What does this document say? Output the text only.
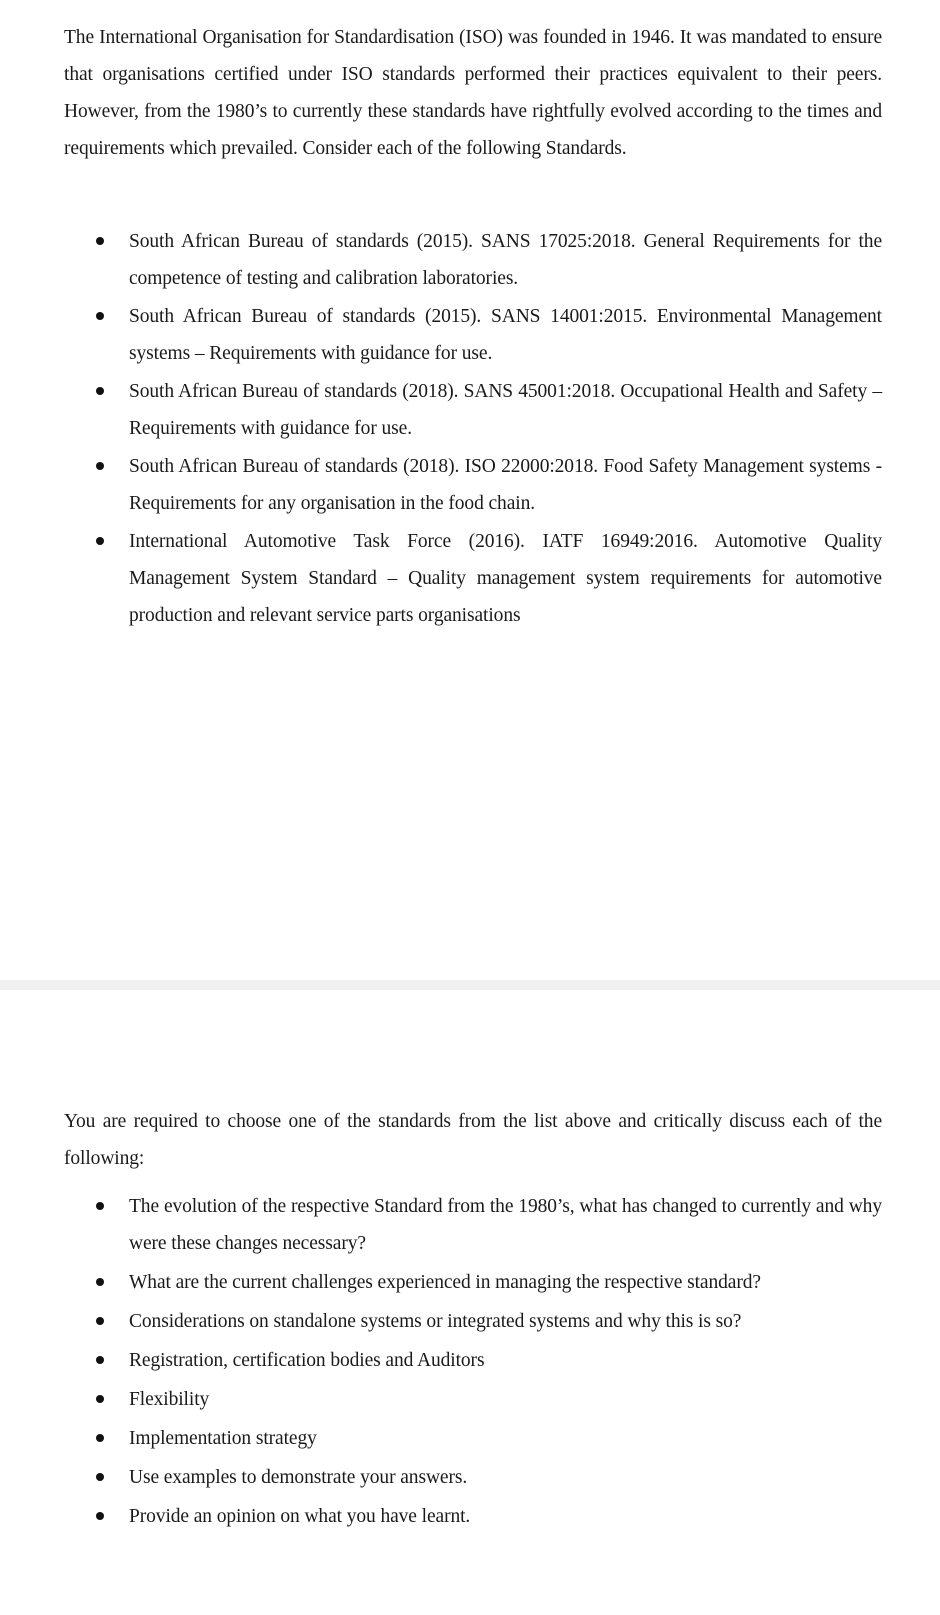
The International Organisation for Standardisation (ISO) was founded in 1946. It was mandated to ensure that organisations certified under ISO standards performed their practices equivalent to their peers. However, from the 1980’s to currently these standards have rightfully evolved according to the times and requirements which prevailed. Consider each of the following Standards.

South African Bureau of standards (2015). SANS 17025:2018. General Requirements for the competence of testing and calibration laboratories.
South African Bureau of standards (2015). SANS 14001:2015. Environmental Management systems – Requirements with guidance for use.
South African Bureau of standards (2018). SANS 45001:2018. Occupational Health and Safety – Requirements with guidance for use.
South African Bureau of standards (2018). ISO 22000:2018. Food Safety Management systems - Requirements for any organisation in the food chain.
International Automotive Task Force (2016). IATF 16949:2016. Automotive Quality Management System Standard – Quality management system requirements for automotive production and relevant service parts organisations

You are required to choose one of the standards from the list above and critically discuss each of the following:

The evolution of the respective Standard from the 1980’s, what has changed to currently and why were these changes necessary?
What are the current challenges experienced in managing the respective standard?
Considerations on standalone systems or integrated systems and why this is so?
Registration, certification bodies and Auditors
Flexibility
Implementation strategy
Use examples to demonstrate your answers.
Provide an opinion on what you have learnt.
